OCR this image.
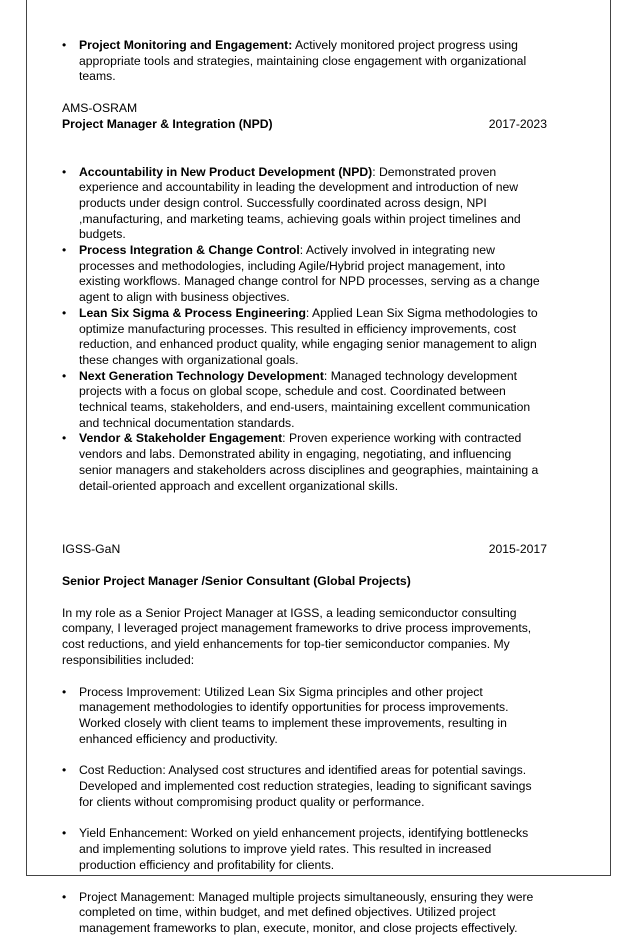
• Project Monitoring and Engagement: Actively monitored project progress using appropriate tools and strategies, maintaining close engagement with organizational teams.
AMS-OSRAM
Project Manager & Integration (NPD)	2017-2023
• Accountability in New Product Development (NPD): Demonstrated proven experience and accountability in leading the development and introduction of new products under design control. Successfully coordinated across design, NPI ,manufacturing, and marketing teams, achieving goals within project timelines and budgets.
• Process Integration & Change Control: Actively involved in integrating new processes and methodologies, including Agile/Hybrid project management, into existing workflows. Managed change control for NPD processes, serving as a change agent to align with business objectives.
• Lean Six Sigma & Process Engineering: Applied Lean Six Sigma methodologies to optimize manufacturing processes. This resulted in efficiency improvements, cost reduction, and enhanced product quality, while engaging senior management to align these changes with organizational goals.
• Next Generation Technology Development: Managed technology development projects with a focus on global scope, schedule and cost. Coordinated between technical teams, stakeholders, and end-users, maintaining excellent communication and technical documentation standards.
• Vendor & Stakeholder Engagement: Proven experience working with contracted vendors and labs. Demonstrated ability in engaging, negotiating, and influencing senior managers and stakeholders across disciplines and geographies, maintaining a detail-oriented approach and excellent organizational skills.
IGSS-GaN	2015-2017
Senior Project Manager /Senior Consultant (Global Projects)
In my role as a Senior Project Manager at IGSS, a leading semiconductor consulting company, I leveraged project management frameworks to drive process improvements, cost reductions, and yield enhancements for top-tier semiconductor companies. My responsibilities included:
• Process Improvement: Utilized Lean Six Sigma principles and other project management methodologies to identify opportunities for process improvements. Worked closely with client teams to implement these improvements, resulting in enhanced efficiency and productivity.
• Cost Reduction: Analysed cost structures and identified areas for potential savings. Developed and implemented cost reduction strategies, leading to significant savings for clients without compromising product quality or performance.
• Yield Enhancement: Worked on yield enhancement projects, identifying bottlenecks and implementing solutions to improve yield rates. This resulted in increased production efficiency and profitability for clients.
• Project Management: Managed multiple projects simultaneously, ensuring they were completed on time, within budget, and met defined objectives. Utilized project management frameworks to plan, execute, monitor, and close projects effectively.
